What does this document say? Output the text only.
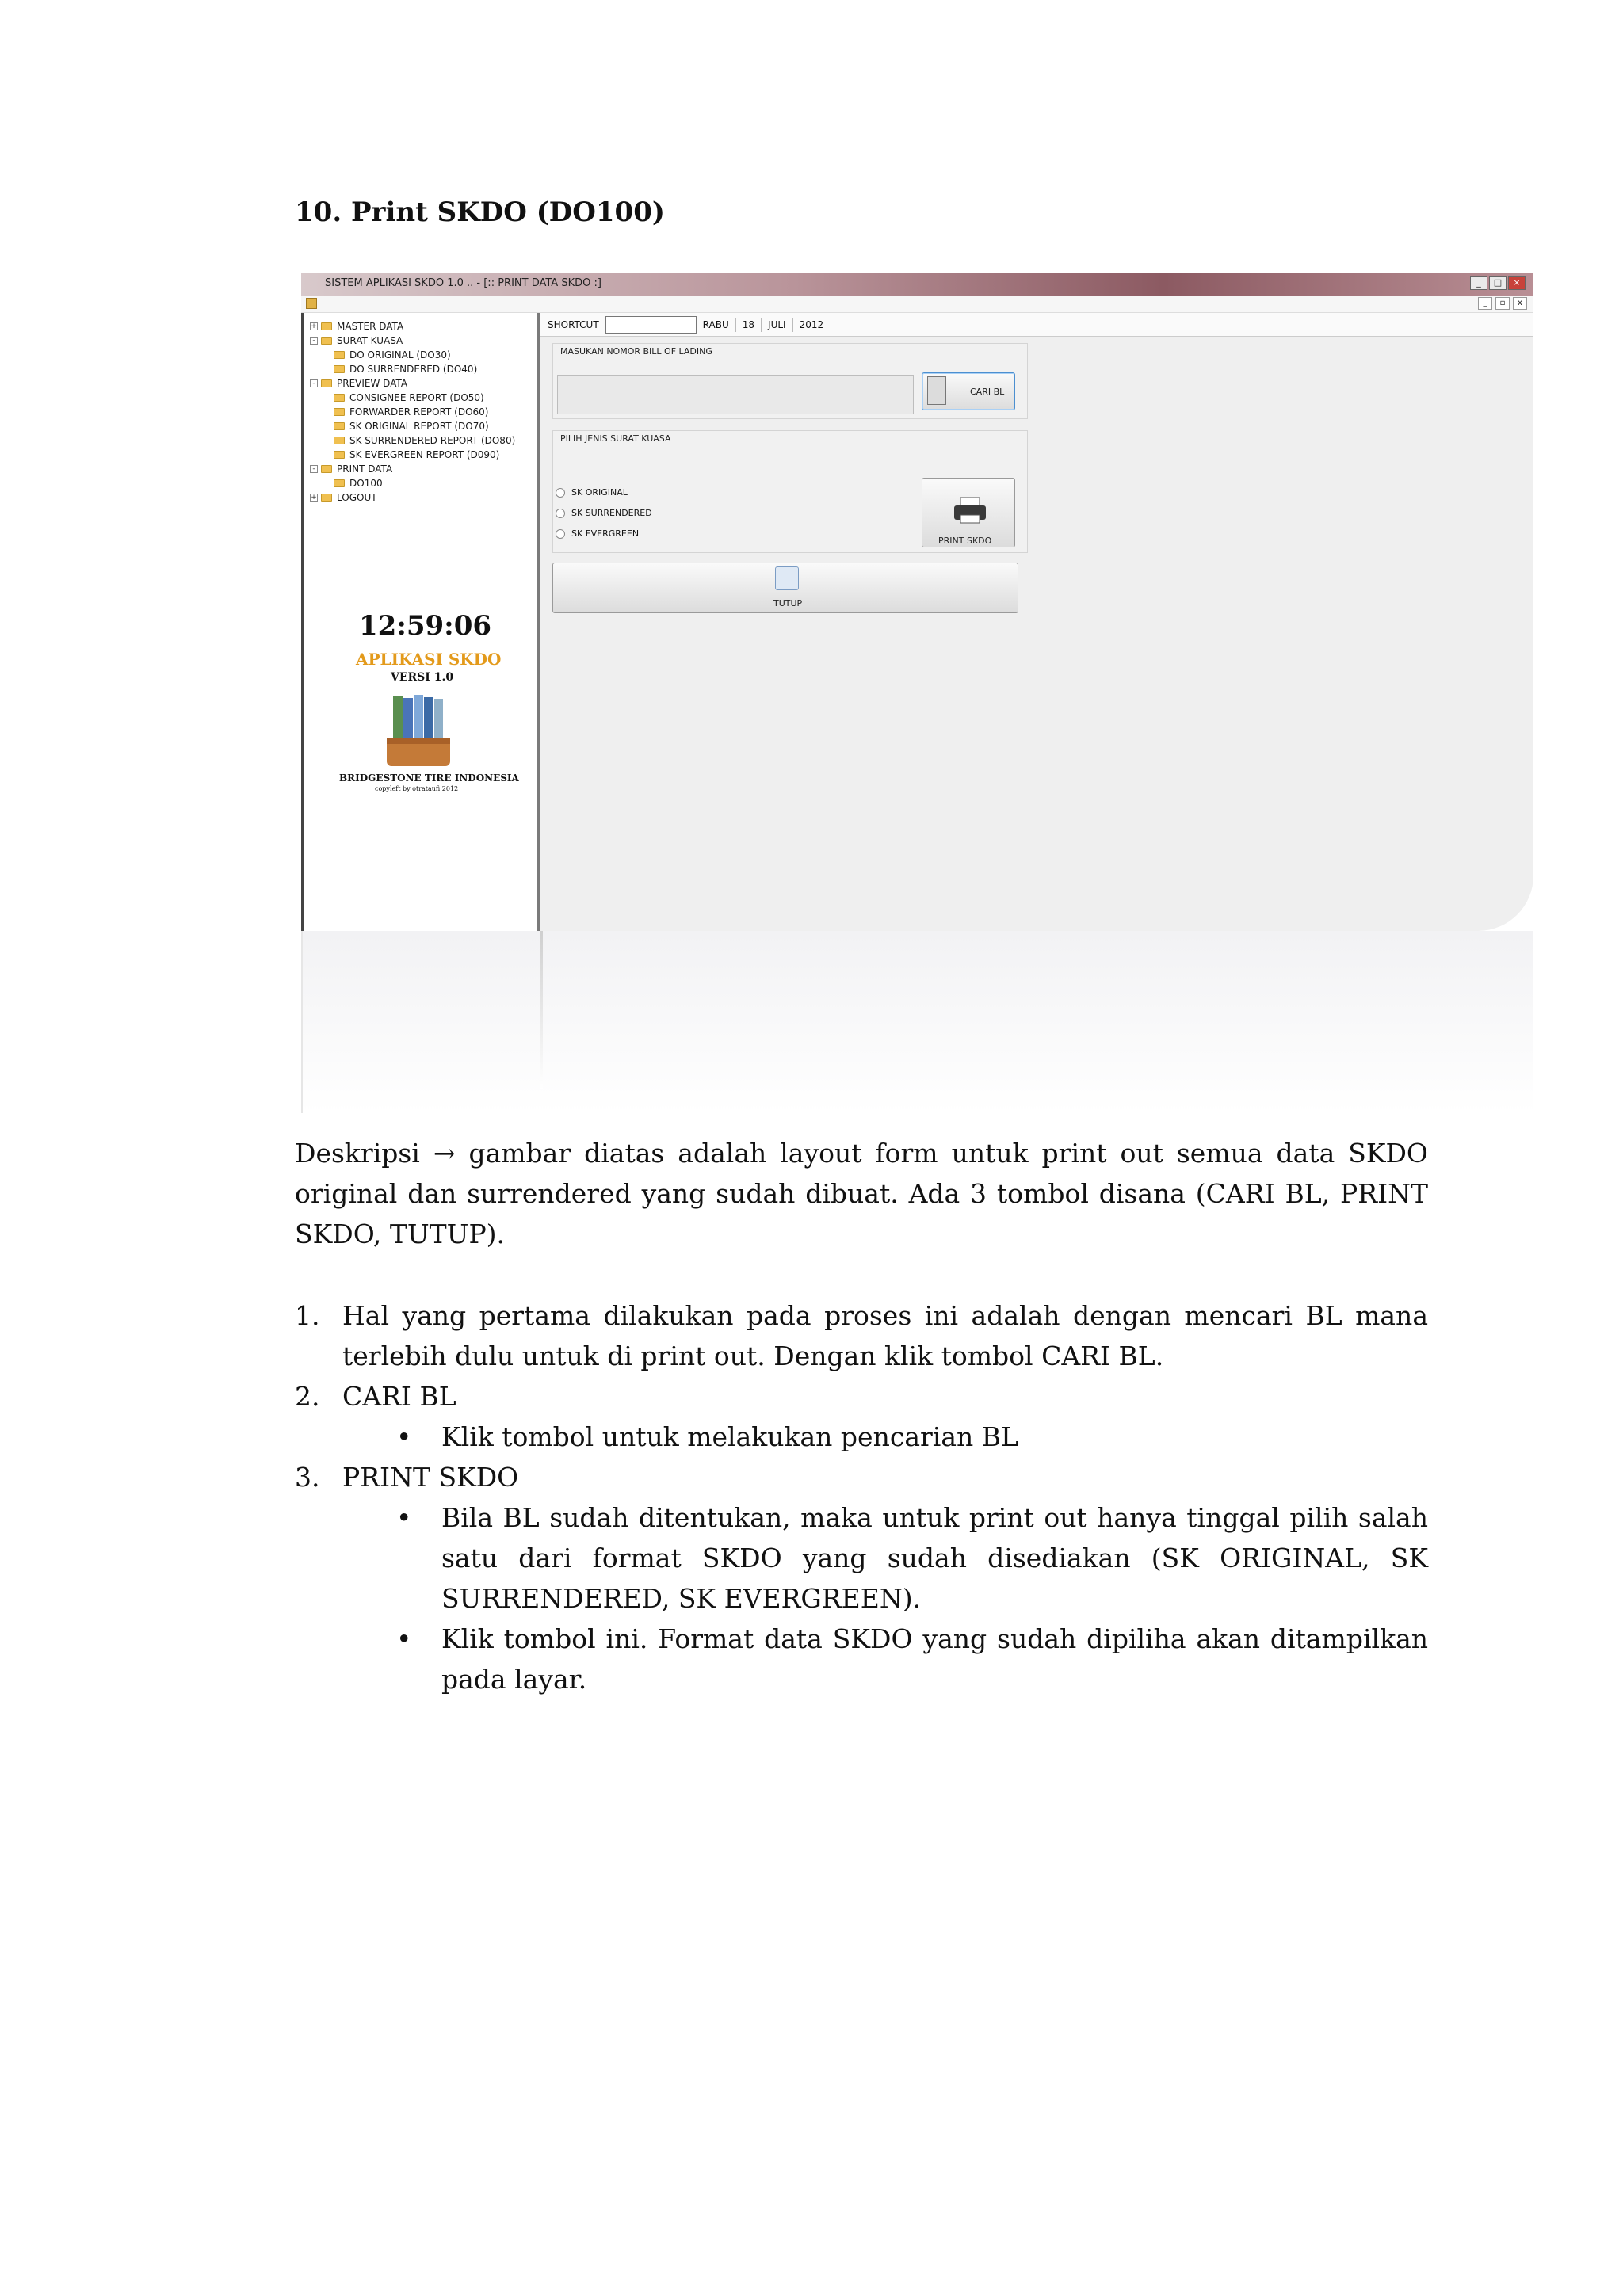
10. Print SKDO (DO100)
SISTEM APLIKASI SKDO 1.0 .. - [:: PRINT DATA SKDO :]	_	□	×
_	▫	x
+ MASTER DATA
- SURAT KUASA
DO ORIGINAL (DO30)
DO SURRENDERED (DO40)
- PREVIEW DATA
CONSIGNEE REPORT (DO50)
FORWARDER REPORT (DO60)
SK ORIGINAL REPORT (DO70)
SK SURRENDERED REPORT (DO80)
SK EVERGREEN REPORT (D090)
- PRINT DATA
DO100
+ LOGOUT
12:59:06
APLIKASI SKDO
VERSI 1.0
BRIDGESTONE TIRE INDONESIA
copyleft by otrataufi 2012
SHORTCUT	RABU 18 JULI 2012
MASUKAN NOMOR BILL OF LADING
CARI BL
PILIH JENIS SURAT KUASA
SK ORIGINAL
SK SURRENDERED
SK EVERGREEN
PRINT SKDO
TUTUP
Deskripsi → gambar diatas adalah layout form untuk print out semua data SKDO original dan surrendered yang sudah dibuat. Ada 3 tombol disana (CARI BL, PRINT SKDO, TUTUP).
1. Hal yang pertama dilakukan pada proses ini adalah dengan mencari BL mana terlebih dulu untuk di print out. Dengan klik tombol CARI BL.
2. CARI BL
• Klik tombol untuk melakukan pencarian BL
3. PRINT SKDO
• Bila BL sudah ditentukan, maka untuk print out hanya tinggal pilih salah satu dari format SKDO yang sudah disediakan (SK ORIGINAL, SK SURRENDERED, SK EVERGREEN).
• Klik tombol ini. Format data SKDO yang sudah dipiliha akan ditampilkan pada layar.
